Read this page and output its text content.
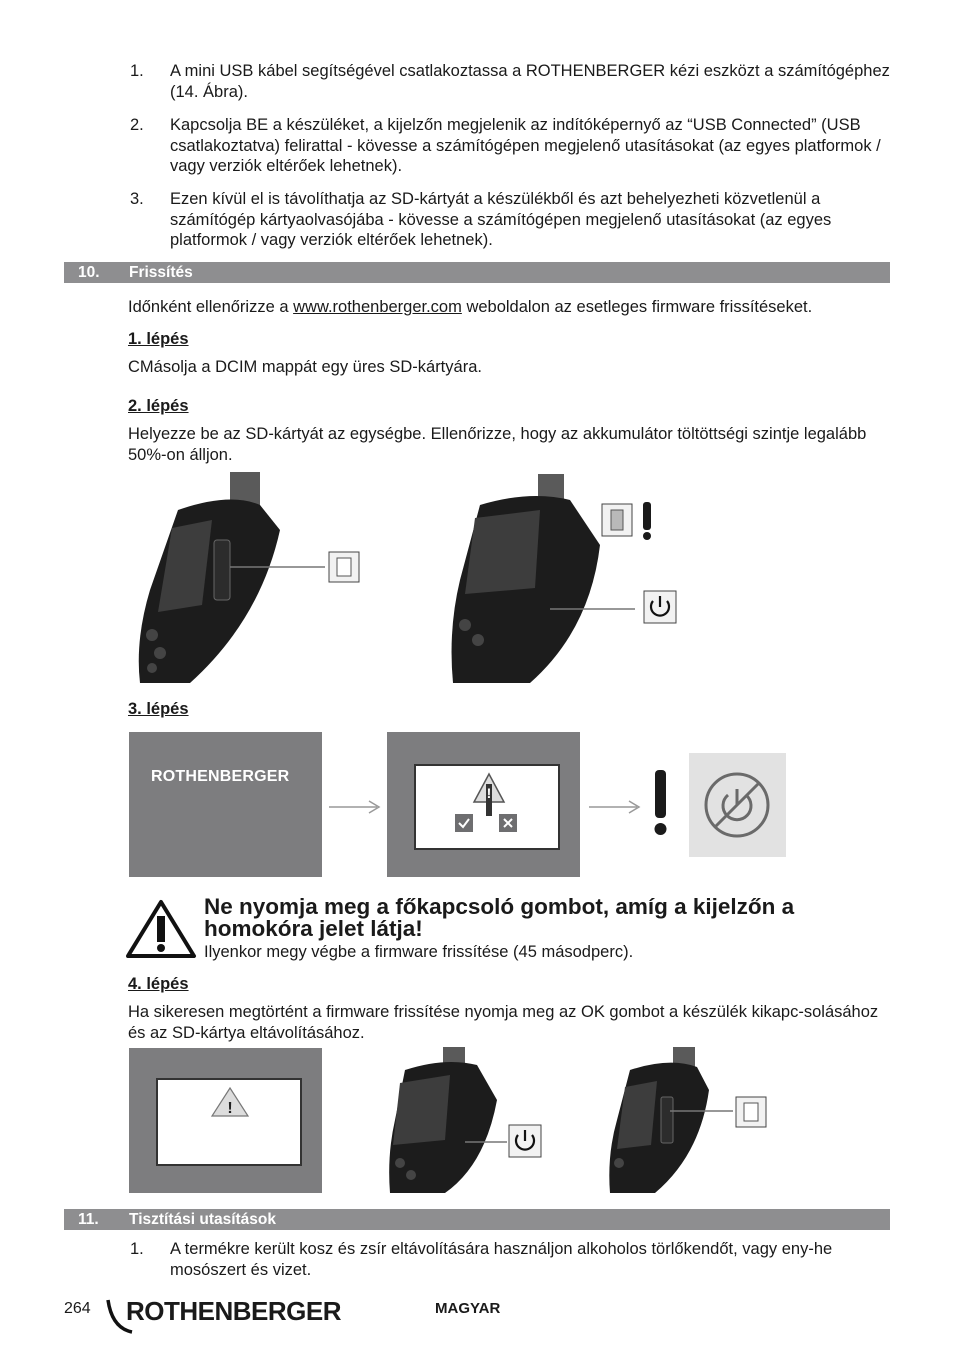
1.	A mini USB kábel segítségével csatlakoztassa a ROTHENBERGER kézi eszközt a számítógéphez (14. Ábra).
2.	Kapcsolja BE a készüléket, a kijelzőn megjelenik az indítóképernyő az “USB Connected” (USB csatlakoztatva) felirattal - kövesse a számítógépen megjelenő utasításokat (az egyes platformok / vagy verziók eltérőek lehetnek).
3.	Ezen kívül el is távolíthatja az SD-kártyát a készülékből és azt behelyezheti közvetlenül a számítógép kártyaolvasójába - kövesse a számítógépen megjelenő utasításokat (az egyes platformok / vagy verziók eltérőek lehetnek).
10. Frissítés
Időnként ellenőrizze a www.rothenberger.com weboldalon az esetleges firmware frissítéseket.
1. lépés
CMásolja a DCIM mappát egy üres SD-kártyára.
2. lépés
Helyezze be az SD-kártyát az egységbe. Ellenőrizze, hogy az akkumulátor töltöttségi szintje legalább 50%-on álljon.
3. lépés
ROTHENBERGER
!
Ne nyomja meg a főkapcsoló gombot, amíg a kijelzőn a homokóra jelet látja!
Ilyenkor megy végbe a firmware frissítése (45 másodperc).
4. lépés
Ha sikeresen megtörtént a firmware frissítése nyomja meg az OK gombot a készülék kikapc-solásához és az SD-kártya eltávolításához.
!
11. Tisztítási utasítások
1.	A termékre került kosz és zsír eltávolítására használjon alkoholos törlőkendőt, vagy eny-he mosószert és vizet.
264 ROTHENBERGER	MAGYAR
